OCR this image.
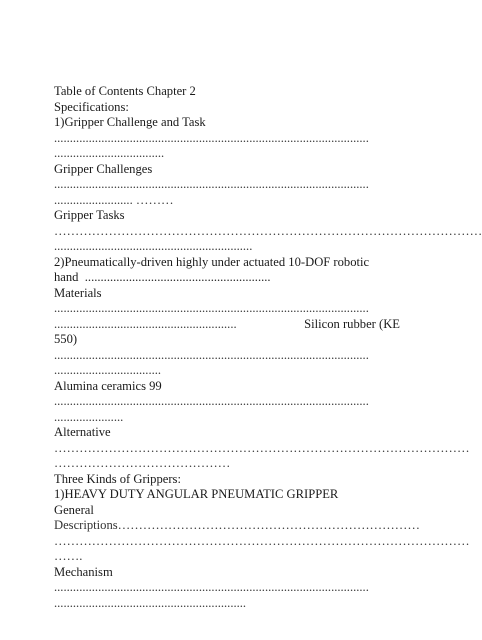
Table of Contents Chapter 2
Specifications:
1)Gripper Challenge and Task
....................................................................................................
...................................
Gripper Challenges
....................................................................................................
......................... ………
Gripper Tasks
…………………………………………………………………………………………
...............................................................
2)Pneumatically-driven highly under actuated 10-DOF robotic
hand  ...........................................................
Materials
....................................................................................................
..........................................................	Silicon rubber (KE
550)
....................................................................................................
..................................
Alumina ceramics 99
....................................................................................................
......................
Alternative
………………………………………………………………………………………
……………………………………
Three Kinds of Grippers:
1)HEAVY DUTY ANGULAR PNEUMATIC GRIPPER
General
Descriptions………………………………………………………………
………………………………………………………………………………………
…….
Mechanism
....................................................................................................
.............................................................
